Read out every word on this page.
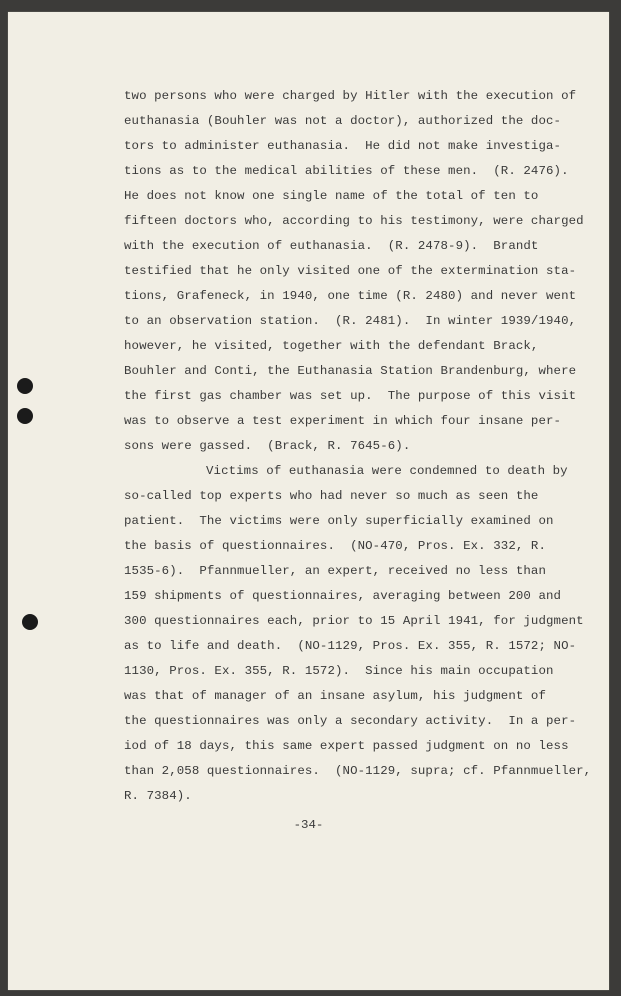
two persons who were charged by Hitler with the execution of
euthanasia (Bouhler was not a doctor), authorized the doc-
tors to administer euthanasia.  He did not make investiga-
tions as to the medical abilities of these men.  (R. 2476).
He does not know one single name of the total of ten to
fifteen doctors who, according to his testimony, were charged
with the execution of euthanasia.  (R. 2478-9).  Brandt
testified that he only visited one of the extermination sta-
tions, Grafeneck, in 1940, one time (R. 2480) and never went
to an observation station.  (R. 2481).  In winter 1939/1940,
however, he visited, together with the defendant Brack,
Bouhler and Conti, the Euthanasia Station Brandenburg, where
the first gas chamber was set up.  The purpose of this visit
was to observe a test experiment in which four insane per-
sons were gassed.  (Brack, R. 7645-6).
Victims of euthanasia were condemned to death by
so-called top experts who had never so much as seen the
patient.  The victims were only superficially examined on
the basis of questionnaires.  (NO-470, Pros. Ex. 332, R.
1535-6).  Pfannmueller, an expert, received no less than
159 shipments of questionnaires, averaging between 200 and
300 questionnaires each, prior to 15 April 1941, for judgment
as to life and death.  (NO-1129, Pros. Ex. 355, R. 1572; NO-
1130, Pros. Ex. 355, R. 1572).  Since his main occupation
was that of manager of an insane asylum, his judgment of
the questionnaires was only a secondary activity.  In a per-
iod of 18 days, this same expert passed judgment on no less
than 2,058 questionnaires.  (NO-1129, supra; cf. Pfannmueller,
R. 7384).
-34-
